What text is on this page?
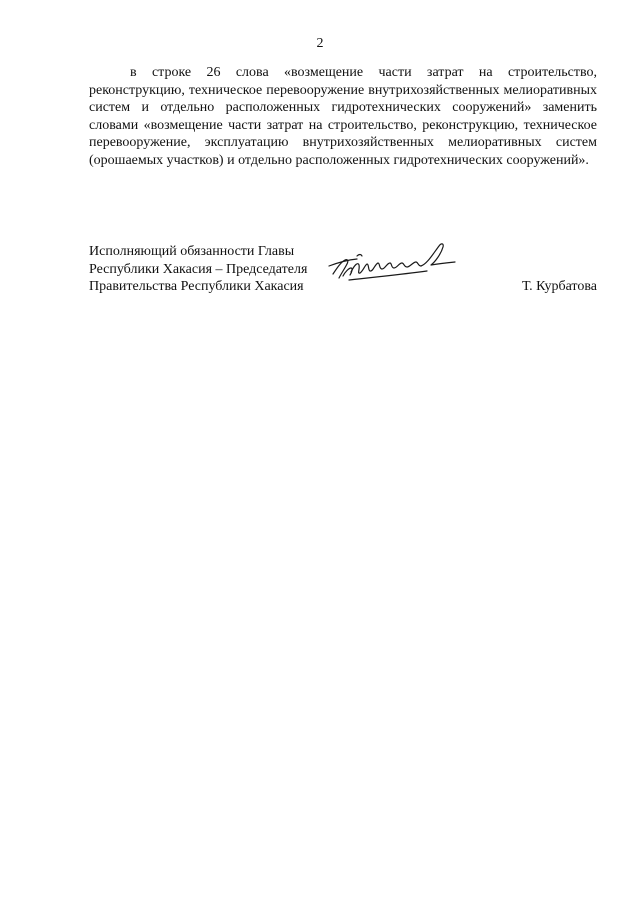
2

в строке 26 слова «возмещение части затрат на строительство, реконструкцию, техническое перевооружение внутрихозяйственных мелиоративных систем и отдельно расположенных гидротехнических сооружений» заменить словами «возмещение части затрат на строительство, реконструкцию, техническое перевооружение, эксплуатацию внутрихозяйственных мелиоративных систем (орошаемых участков) и отдельно расположенных гидротехнических сооружений».

Исполняющий обязанности Главы
Республики Хакасия – Председателя
Правительства Республики Хакасия	Т. Курбатова
